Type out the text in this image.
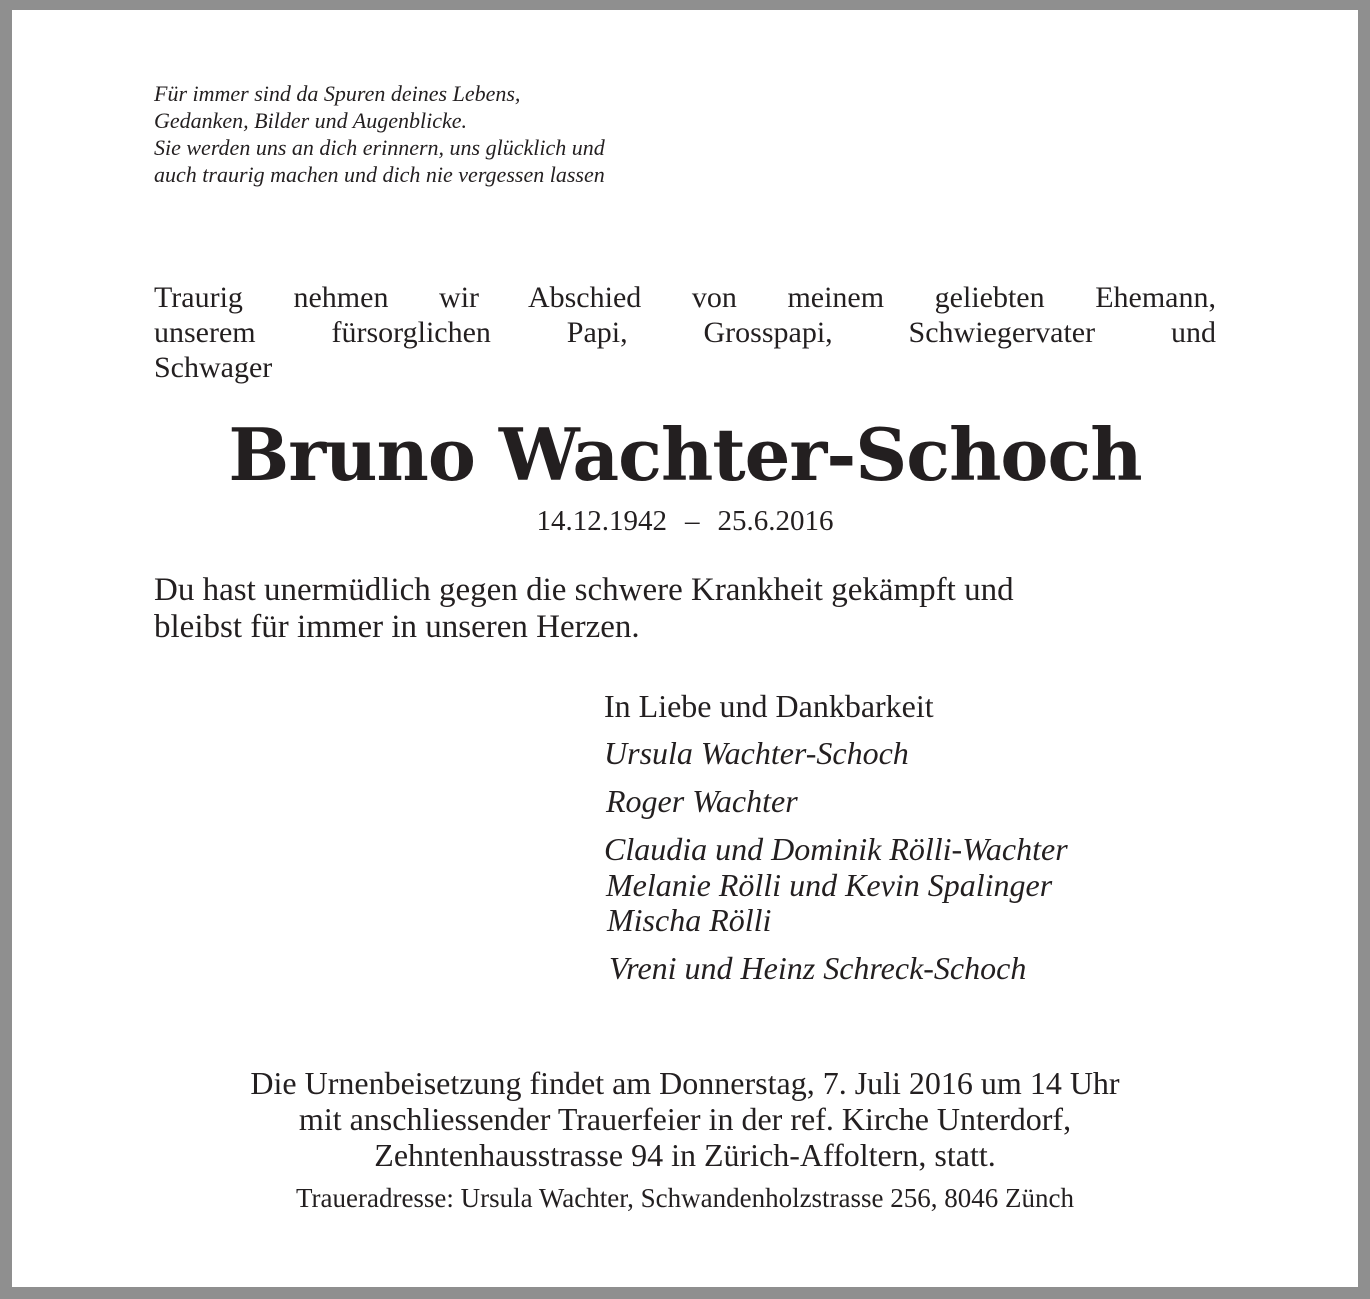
Für immer sind da Spuren deines Lebens,
Gedanken, Bilder und Augenblicke.
Sie werden uns an dich erinnern, uns glücklich und
auch traurig machen und dich nie vergessen lassen
Traurig nehmen wir Abschied von meinem geliebten Ehemann,
unserem fürsorglichen Papi, Grosspapi, Schwiegervater und
Schwager
Bruno Wachter-Schoch
14.12.1942 – 25.6.2016
Du hast unermüdlich gegen die schwere Krankheit gekämpft und
bleibst für immer in unseren Herzen.
In Liebe und Dankbarkeit
Ursula Wachter-Schoch
Roger Wachter
Claudia und Dominik Rölli-Wachter
Melanie Rölli und Kevin Spalinger
Mischa Rölli
Vreni und Heinz Schreck-Schoch
Die Urnenbeisetzung findet am Donnerstag, 7. Juli 2016 um 14 Uhr
mit anschliessender Trauerfeier in der ref. Kirche Unterdorf,
Zehntenhausstrasse 94 in Zürich-Affoltern, statt.
Traueradresse: Ursula Wachter, Schwandenholzstrasse 256, 8046 Zünch
